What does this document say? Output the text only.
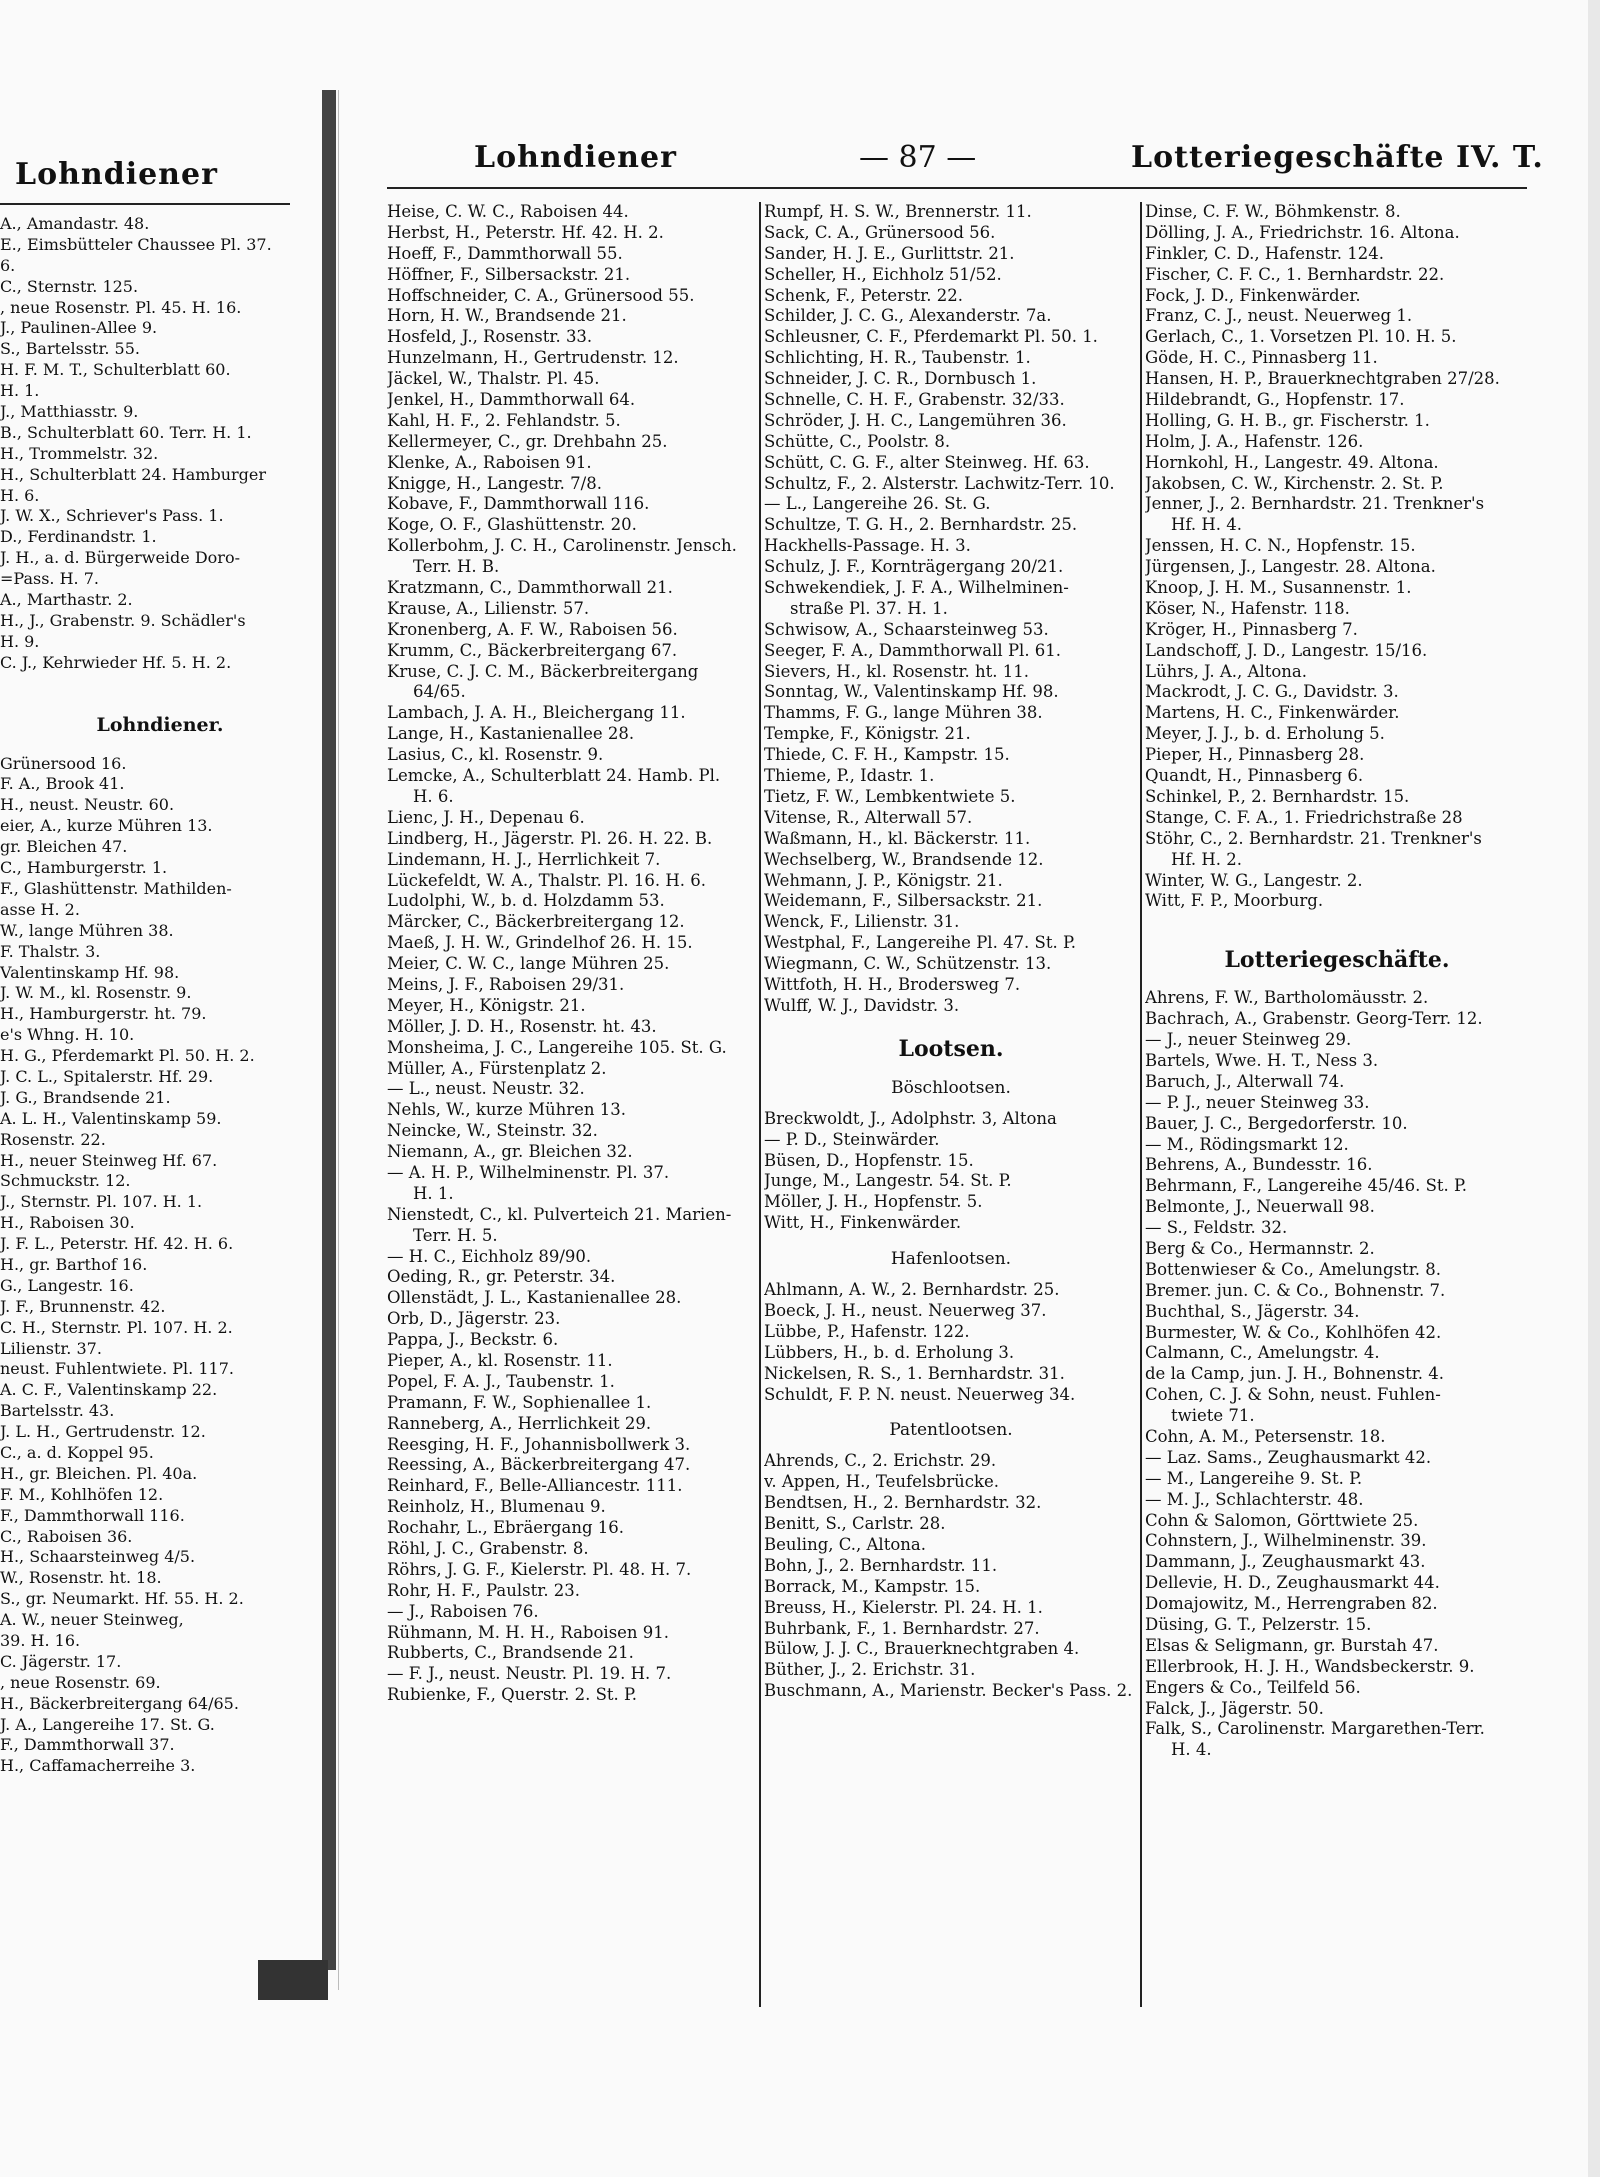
Lohndiener
A., Amandastr. 48.
E., Eimsbütteler Chaussee Pl. 37.
6.
C., Sternstr. 125.
, neue Rosenstr. Pl. 45. H. 16.
J., Paulinen-Allee 9.
S., Bartelsstr. 55.
H. F. M. T., Schulterblatt 60.
H. 1.
J., Matthiasstr. 9.
B., Schulterblatt 60. Terr. H. 1.
H., Trommelstr. 32.
H., Schulterblatt 24. Hamburger
H. 6.
J. W. X., Schriever's Pass. 1.
D., Ferdinandstr. 1.
J. H., a. d. Bürgerweide Doro-
=Pass. H. 7.
A., Marthastr. 2.
H., J., Grabenstr. 9. Schädler's
H. 9.
C. J., Kehrwieder Hf. 5. H. 2.
Lohndiener.
Grünersood 16.
F. A., Brook 41.
H., neust. Neustr. 60.
eier, A., kurze Mühren 13.
gr. Bleichen 47.
C., Hamburgerstr. 1.
F., Glashüttenstr. Mathilden-
asse H. 2.
W., lange Mühren 38.
F. Thalstr. 3.
Valentinskamp Hf. 98.
J. W. M., kl. Rosenstr. 9.
H., Hamburgerstr. ht. 79.
e's Whng. H. 10.
H. G., Pferdemarkt Pl. 50. H. 2.
J. C. L., Spitalerstr. Hf. 29.
J. G., Brandsende 21.
A. L. H., Valentinskamp 59.
Rosenstr. 22.
H., neuer Steinweg Hf. 67.
Schmuckstr. 12.
J., Sternstr. Pl. 107. H. 1.
H., Raboisen 30.
J. F. L., Peterstr. Hf. 42. H. 6.
H., gr. Barthof 16.
G., Langestr. 16.
J. F., Brunnenstr. 42.
C. H., Sternstr. Pl. 107. H. 2.
Lilienstr. 37.
neust. Fuhlentwiete. Pl. 117.
A. C. F., Valentinskamp 22.
Bartelsstr. 43.
J. L. H., Gertrudenstr. 12.
C., a. d. Koppel 95.
H., gr. Bleichen. Pl. 40a.
F. M., Kohlhöfen 12.
F., Dammthorwall 116.
C., Raboisen 36.
H., Schaarsteinweg 4/5.
W., Rosenstr. ht. 18.
S., gr. Neumarkt. Hf. 55. H. 2.
A. W., neuer Steinweg,
39. H. 16.
C. Jägerstr. 17.
, neue Rosenstr. 69.
H., Bäckerbreitergang 64/65.
J. A., Langereihe 17. St. G.
F., Dammthorwall 37.
H., Caffamacherreihe 3.
Lohndiener	— 87 —	Lotteriegeschäfte IV. T.
Heise, C. W. C., Raboisen 44.
Herbst, H., Peterstr. Hf. 42. H. 2.
Hoeff, F., Dammthorwall 55.
Höffner, F., Silbersackstr. 21.
Hoffschneider, C. A., Grünersood 55.
Horn, H. W., Brandsende 21.
Hosfeld, J., Rosenstr. 33.
Hunzelmann, H., Gertrudenstr. 12.
Jäckel, W., Thalstr. Pl. 45.
Jenkel, H., Dammthorwall 64.
Kahl, H. F., 2. Fehlandstr. 5.
Kellermeyer, C., gr. Drehbahn 25.
Klenke, A., Raboisen 91.
Knigge, H., Langestr. 7/8.
Kobave, F., Dammthorwall 116.
Koge, O. F., Glashüttenstr. 20.
Kollerbohm, J. C. H., Carolinenstr. Jensch.
Terr. H. B.
Kratzmann, C., Dammthorwall 21.
Krause, A., Lilienstr. 57.
Kronenberg, A. F. W., Raboisen 56.
Krumm, C., Bäckerbreitergang 67.
Kruse, C. J. C. M., Bäckerbreitergang
64/65.
Lambach, J. A. H., Bleichergang 11.
Lange, H., Kastanienallee 28.
Lasius, C., kl. Rosenstr. 9.
Lemcke, A., Schulterblatt 24. Hamb. Pl.
H. 6.
Lienc, J. H., Depenau 6.
Lindberg, H., Jägerstr. Pl. 26. H. 22. B.
Lindemann, H. J., Herrlichkeit 7.
Lückefeldt, W. A., Thalstr. Pl. 16. H. 6.
Ludolphi, W., b. d. Holzdamm 53.
Märcker, C., Bäckerbreitergang 12.
Maeß, J. H. W., Grindelhof 26. H. 15.
Meier, C. W. C., lange Mühren 25.
Meins, J. F., Raboisen 29/31.
Meyer, H., Königstr. 21.
Möller, J. D. H., Rosenstr. ht. 43.
Monsheima, J. C., Langereihe 105. St. G.
Müller, A., Fürstenplatz 2.
— L., neust. Neustr. 32.
Nehls, W., kurze Mühren 13.
Neincke, W., Steinstr. 32.
Niemann, A., gr. Bleichen 32.
— A. H. P., Wilhelminenstr. Pl. 37.
H. 1.
Nienstedt, C., kl. Pulverteich 21. Marien-
Terr. H. 5.
— H. C., Eichholz 89/90.
Oeding, R., gr. Peterstr. 34.
Ollenstädt, J. L., Kastanienallee 28.
Orb, D., Jägerstr. 23.
Pappa, J., Beckstr. 6.
Pieper, A., kl. Rosenstr. 11.
Popel, F. A. J., Taubenstr. 1.
Pramann, F. W., Sophienallee 1.
Ranneberg, A., Herrlichkeit 29.
Reesging, H. F., Johannisbollwerk 3.
Reessing, A., Bäckerbreitergang 47.
Reinhard, F., Belle-Alliancestr. 111.
Reinholz, H., Blumenau 9.
Rochahr, L., Ebräergang 16.
Röhl, J. C., Grabenstr. 8.
Röhrs, J. G. F., Kielerstr. Pl. 48. H. 7.
Rohr, H. F., Paulstr. 23.
— J., Raboisen 76.
Rühmann, M. H. H., Raboisen 91.
Rubberts, C., Brandsende 21.
— F. J., neust. Neustr. Pl. 19. H. 7.
Rubienke, F., Querstr. 2. St. P.
Rumpf, H. S. W., Brennerstr. 11.
Sack, C. A., Grünersood 56.
Sander, H. J. E., Gurlittstr. 21.
Scheller, H., Eichholz 51/52.
Schenk, F., Peterstr. 22.
Schilder, J. C. G., Alexanderstr. 7a.
Schleusner, C. F., Pferdemarkt Pl. 50. 1.
Schlichting, H. R., Taubenstr. 1.
Schneider, J. C. R., Dornbusch 1.
Schnelle, C. H. F., Grabenstr. 32/33.
Schröder, J. H. C., Langemühren 36.
Schütte, C., Poolstr. 8.
Schütt, C. G. F., alter Steinweg. Hf. 63.
Schultz, F., 2. Alsterstr. Lachwitz-Terr. 10.
— L., Langereihe 26. St. G.
Schultze, T. G. H., 2. Bernhardstr. 25.
Hackhells-Passage. H. 3.
Schulz, J. F., Kornträgergang 20/21.
Schwekendiek, J. F. A., Wilhelminen-
straße Pl. 37. H. 1.
Schwisow, A., Schaarsteinweg 53.
Seeger, F. A., Dammthorwall Pl. 61.
Sievers, H., kl. Rosenstr. ht. 11.
Sonntag, W., Valentinskamp Hf. 98.
Thamms, F. G., lange Mühren 38.
Tempke, F., Königstr. 21.
Thiede, C. F. H., Kampstr. 15.
Thieme, P., Idastr. 1.
Tietz, F. W., Lembkentwiete 5.
Vitense, R., Alterwall 57.
Waßmann, H., kl. Bäckerstr. 11.
Wechselberg, W., Brandsende 12.
Wehmann, J. P., Königstr. 21.
Weidemann, F., Silbersackstr. 21.
Wenck, F., Lilienstr. 31.
Westphal, F., Langereihe Pl. 47. St. P.
Wiegmann, C. W., Schützenstr. 13.
Wittfoth, H. H., Brodersweg 7.
Wulff, W. J., Davidstr. 3.
Lootsen.
Böschlootsen.
Breckwoldt, J., Adolphstr. 3, Altona
— P. D., Steinwärder.
Büsen, D., Hopfenstr. 15.
Junge, M., Langestr. 54. St. P.
Möller, J. H., Hopfenstr. 5.
Witt, H., Finkenwärder.
Hafenlootsen.
Ahlmann, A. W., 2. Bernhardstr. 25.
Boeck, J. H., neust. Neuerweg 37.
Lübbe, P., Hafenstr. 122.
Lübbers, H., b. d. Erholung 3.
Nickelsen, R. S., 1. Bernhardstr. 31.
Schuldt, F. P. N. neust. Neuerweg 34.
Patentlootsen.
Ahrends, C., 2. Erichstr. 29.
v. Appen, H., Teufelsbrücke.
Bendtsen, H., 2. Bernhardstr. 32.
Benitt, S., Carlstr. 28.
Beuling, C., Altona.
Bohn, J., 2. Bernhardstr. 11.
Borrack, M., Kampstr. 15.
Breuss, H., Kielerstr. Pl. 24. H. 1.
Buhrbank, F., 1. Bernhardstr. 27.
Bülow, J. J. C., Brauerknechtgraben 4.
Büther, J., 2. Erichstr. 31.
Buschmann, A., Marienstr. Becker's Pass. 2.
Dinse, C. F. W., Böhmkenstr. 8.
Dölling, J. A., Friedrichstr. 16. Altona.
Finkler, C. D., Hafenstr. 124.
Fischer, C. F. C., 1. Bernhardstr. 22.
Fock, J. D., Finkenwärder.
Franz, C. J., neust. Neuerweg 1.
Gerlach, C., 1. Vorsetzen Pl. 10. H. 5.
Göde, H. C., Pinnasberg 11.
Hansen, H. P., Brauerknechtgraben 27/28.
Hildebrandt, G., Hopfenstr. 17.
Holling, G. H. B., gr. Fischerstr. 1.
Holm, J. A., Hafenstr. 126.
Hornkohl, H., Langestr. 49. Altona.
Jakobsen, C. W., Kirchenstr. 2. St. P.
Jenner, J., 2. Bernhardstr. 21. Trenkner's
Hf. H. 4.
Jenssen, H. C. N., Hopfenstr. 15.
Jürgensen, J., Langestr. 28. Altona.
Knoop, J. H. M., Susannenstr. 1.
Köser, N., Hafenstr. 118.
Kröger, H., Pinnasberg 7.
Landschoff, J. D., Langestr. 15/16.
Lührs, J. A., Altona.
Mackrodt, J. C. G., Davidstr. 3.
Martens, H. C., Finkenwärder.
Meyer, J. J., b. d. Erholung 5.
Pieper, H., Pinnasberg 28.
Quandt, H., Pinnasberg 6.
Schinkel, P., 2. Bernhardstr. 15.
Stange, C. F. A., 1. Friedrichstraße 28
Stöhr, C., 2. Bernhardstr. 21. Trenkner's
Hf. H. 2.
Winter, W. G., Langestr. 2.
Witt, F. P., Moorburg.
Lotteriegeschäfte.
Ahrens, F. W., Bartholomäusstr. 2.
Bachrach, A., Grabenstr. Georg-Terr. 12.
— J., neuer Steinweg 29.
Bartels, Wwe. H. T., Ness 3.
Baruch, J., Alterwall 74.
— P. J., neuer Steinweg 33.
Bauer, J. C., Bergedorferstr. 10.
— M., Rödingsmarkt 12.
Behrens, A., Bundesstr. 16.
Behrmann, F., Langereihe 45/46. St. P.
Belmonte, J., Neuerwall 98.
— S., Feldstr. 32.
Berg & Co., Hermannstr. 2.
Bottenwieser & Co., Amelungstr. 8.
Bremer. jun. C. & Co., Bohnenstr. 7.
Buchthal, S., Jägerstr. 34.
Burmester, W. & Co., Kohlhöfen 42.
Calmann, C., Amelungstr. 4.
de la Camp, jun. J. H., Bohnenstr. 4.
Cohen, C. J. & Sohn, neust. Fuhlen-
twiete 71.
Cohn, A. M., Petersenstr. 18.
— Laz. Sams., Zeughausmarkt 42.
— M., Langereihe 9. St. P.
— M. J., Schlachterstr. 48.
Cohn & Salomon, Görttwiete 25.
Cohnstern, J., Wilhelminenstr. 39.
Dammann, J., Zeughausmarkt 43.
Dellevie, H. D., Zeughausmarkt 44.
Domajowitz, M., Herrengraben 82.
Düsing, G. T., Pelzerstr. 15.
Elsas & Seligmann, gr. Burstah 47.
Ellerbrook, H. J. H., Wandsbeckerstr. 9.
Engers & Co., Teilfeld 56.
Falck, J., Jägerstr. 50.
Falk, S., Carolinenstr. Margarethen-Terr.
H. 4.
